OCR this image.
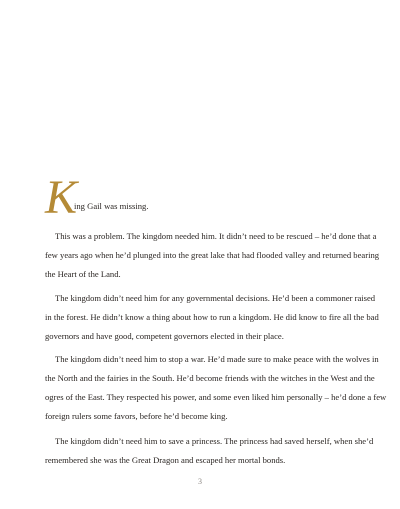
K
ing Gail was missing.
This was a problem. The kingdom needed him. It didn’t need to be rescued – he’d done that a
few years ago when he’d plunged into the great lake that had flooded valley and returned bearing
the Heart of the Land.
The kingdom didn’t need him for any governmental decisions. He’d been a commoner raised
in the forest. He didn’t know a thing about how to run a kingdom. He did know to fire all the bad
governors and have good, competent governors elected in their place.
The kingdom didn’t need him to stop a war. He’d made sure to make peace with the wolves in
the North and the fairies in the South. He’d become friends with the witches in the West and the
ogres of the East. They respected his power, and some even liked him personally – he’d done a few
foreign rulers some favors, before he’d become king.
The kingdom didn’t need him to save a princess. The princess had saved herself, when she’d
remembered she was the Great Dragon and escaped her mortal bonds.
3
